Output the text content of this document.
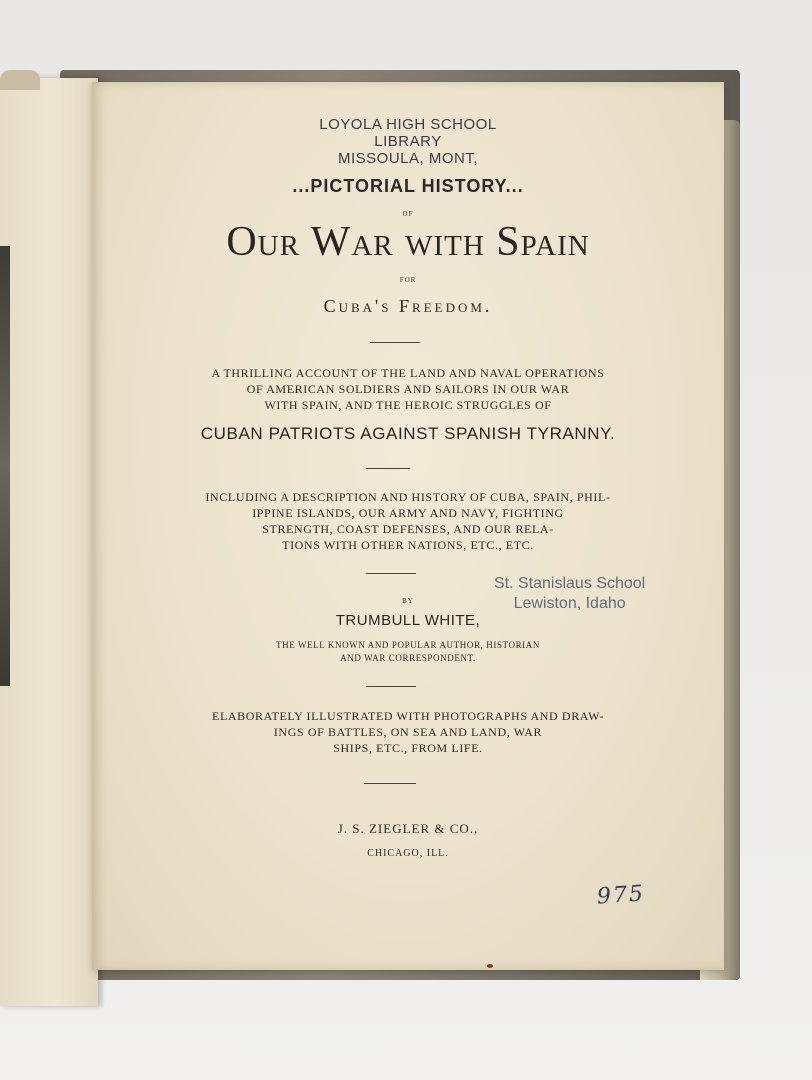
LOYOLA HIGH SCHOOL
LIBRARY
MISSOULA, MONT,
...PICTORIAL HISTORY...
OF
Our War with Spain
FOR
Cuba's Freedom.
A THRILLING ACCOUNT OF THE LAND AND NAVAL OPERATIONS
OF AMERICAN SOLDIERS AND SAILORS IN OUR WAR
WITH SPAIN, AND THE HEROIC STRUGGLES OF
CUBAN PATRIOTS AGAINST SPANISH TYRANNY.
INCLUDING A DESCRIPTION AND HISTORY OF CUBA, SPAIN, PHIL-
IPPINE ISLANDS, OUR ARMY AND NAVY, FIGHTING
STRENGTH, COAST DEFENSES, AND OUR RELA-
TIONS WITH OTHER NATIONS, ETC., ETC.
BY
TRUMBULL WHITE,
THE WELL KNOWN AND POPULAR AUTHOR, HISTORIAN
AND WAR CORRESPONDENT.
ELABORATELY ILLUSTRATED WITH PHOTOGRAPHS AND DRAW-
INGS OF BATTLES, ON SEA AND LAND, WAR
SHIPS, ETC., FROM LIFE.
J. S. ZIEGLER & CO.,
CHICAGO, ILL.
St. Stanislaus School
Lewiston, Idaho
975
